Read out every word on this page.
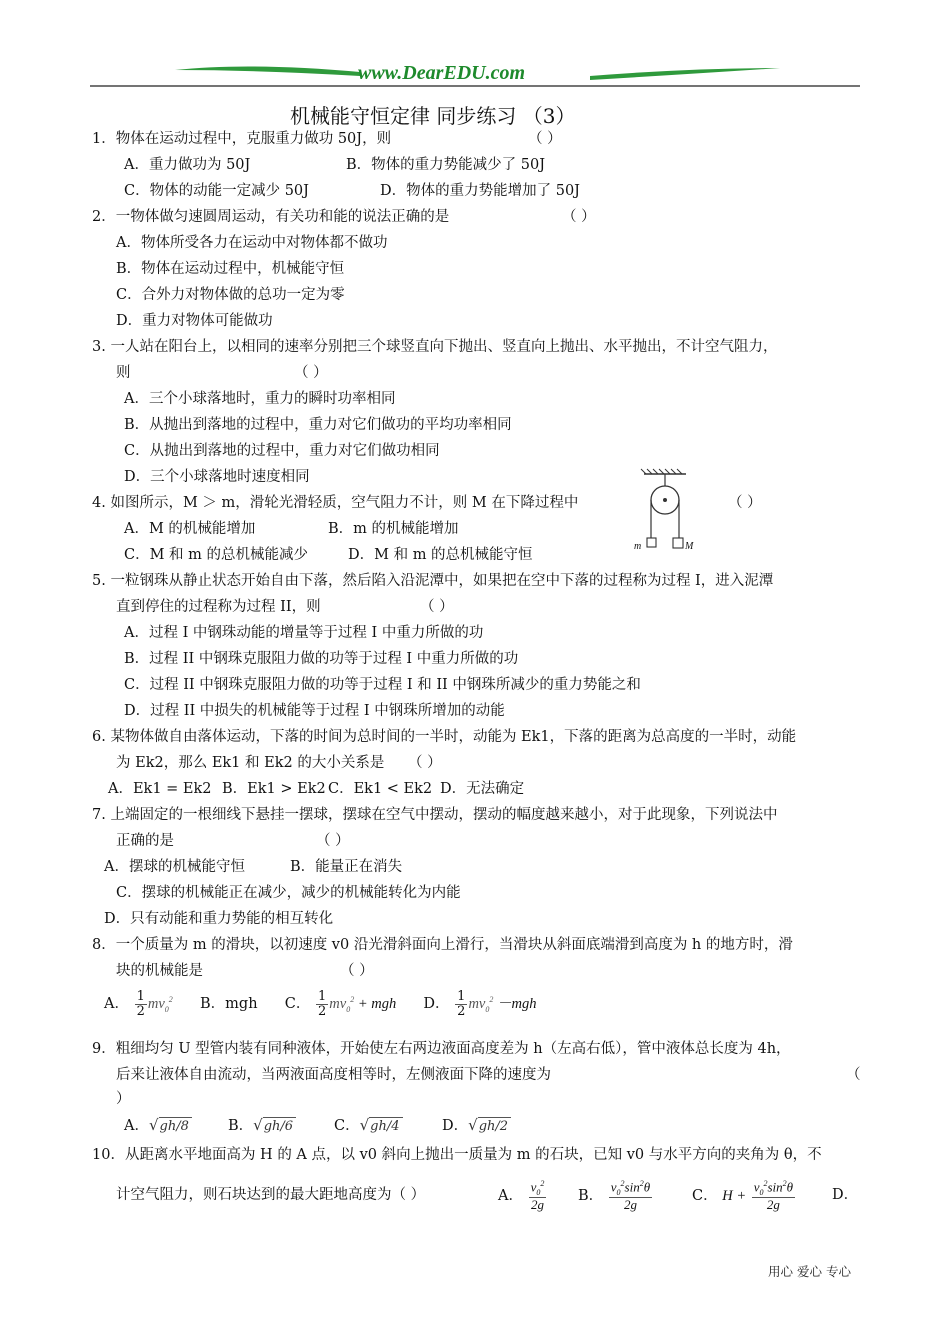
www.DearEDU.com
机械能守恒定律 同步练习 （3）
1．物体在运动过程中，克服重力做功 50J，则	（ ）
A．重力做功为 50J	B．物体的重力势能减少了 50J
C．物体的动能一定减少 50J	D．物体的重力势能增加了 50J
2．一物体做匀速圆周运动，有关功和能的说法正确的是	（ ）
A．物体所受各力在运动中对物体都不做功
B．物体在运动过程中，机械能守恒
C．合外力对物体做的总功一定为零
D．重力对物体可能做功
3. 一人站在阳台上，以相同的速率分别把三个球竖直向下抛出、竖直向上抛出、水平抛出，不计空气阻力，
则	（ ）
A．三个小球落地时，重力的瞬时功率相同
B．从抛出到落地的过程中，重力对它们做功的平均功率相同
C．从抛出到落地的过程中，重力对它们做功相同
D．三个小球落地时速度相同
4. 如图所示，M ＞ m，滑轮光滑轻质，空气阻力不计，则 M 在下降过程中	（ ）
A．M 的机械能增加	B．m 的机械能增加
C．M 和 m 的总机械能减少	D．M 和 m 的总机械能守恒
m	M
5. 一粒钢珠从静止状态开始自由下落，然后陷入沿泥潭中，如果把在空中下落的过程称为过程 I，进入泥潭
直到停住的过程称为过程 II，则	（ ）
A．过程 I 中钢珠动能的增量等于过程 I 中重力所做的功
B．过程 II 中钢珠克服阻力做的功等于过程 I 中重力所做的功
C．过程 II 中钢珠克服阻力做的功等于过程 I 和 II 中钢珠所减少的重力势能之和
D．过程 II 中损失的机械能等于过程 I 中钢珠所增加的动能
6. 某物体做自由落体运动，下落的时间为总时间的一半时，动能为 Ek1，下落的距离为总高度的一半时，动能
为 Ek2，那么 Ek1 和 Ek2 的大小关系是 （ ）
A．Ek1 = Ek2 B．Ek1 > Ek2 C．Ek1 < Ek2 D．无法确定
7. 上端固定的一根细线下悬挂一摆球，摆球在空气中摆动，摆动的幅度越来越小，对于此现象，下列说法中
正确的是	（ ）
A．摆球的机械能守恒	B．能量正在消失
C．摆球的机械能正在减少，减少的机械能转化为内能
D．只有动能和重力势能的相互转化
8．一个质量为 m 的滑块，以初速度 v0 沿光滑斜面向上滑行，当滑块从斜面底端滑到高度为 h 的地方时，滑
块的机械能是	（ ）
A． $\frac{1}{2} mv_0^2$ B．mgh C． $\frac{1}{2} mv_0^2$ + mgh D． $\frac{1}{2} mv_0^2 -mgh$
9．粗细均匀 U 型管内装有同种液体，开始使左右两边液面高度差为 h（左高右低），管中液体总长度为 4h，
后来让液体自由流动，当两液面高度相等时，左侧液面下降的速度为	（
）
A．√gh/8	B．√gh/6	C．√gh/4	D．√gh/2
10．从距离水平地面高为 H 的 A 点，以 v0 斜向上抛出一质量为 m 的石块，已知 v0 与水平方向的夹角为 θ，不
计空气阻力，则石块达到的最大距地高度为（ ）	A． $\frac{v_0^2}{2g}$ B． $\frac{v_0^2\sin^2\theta}{2g}$	C． $H + \frac{v_0^2\sin^2\theta}{2g}$	D．
用心 爱心 专心
